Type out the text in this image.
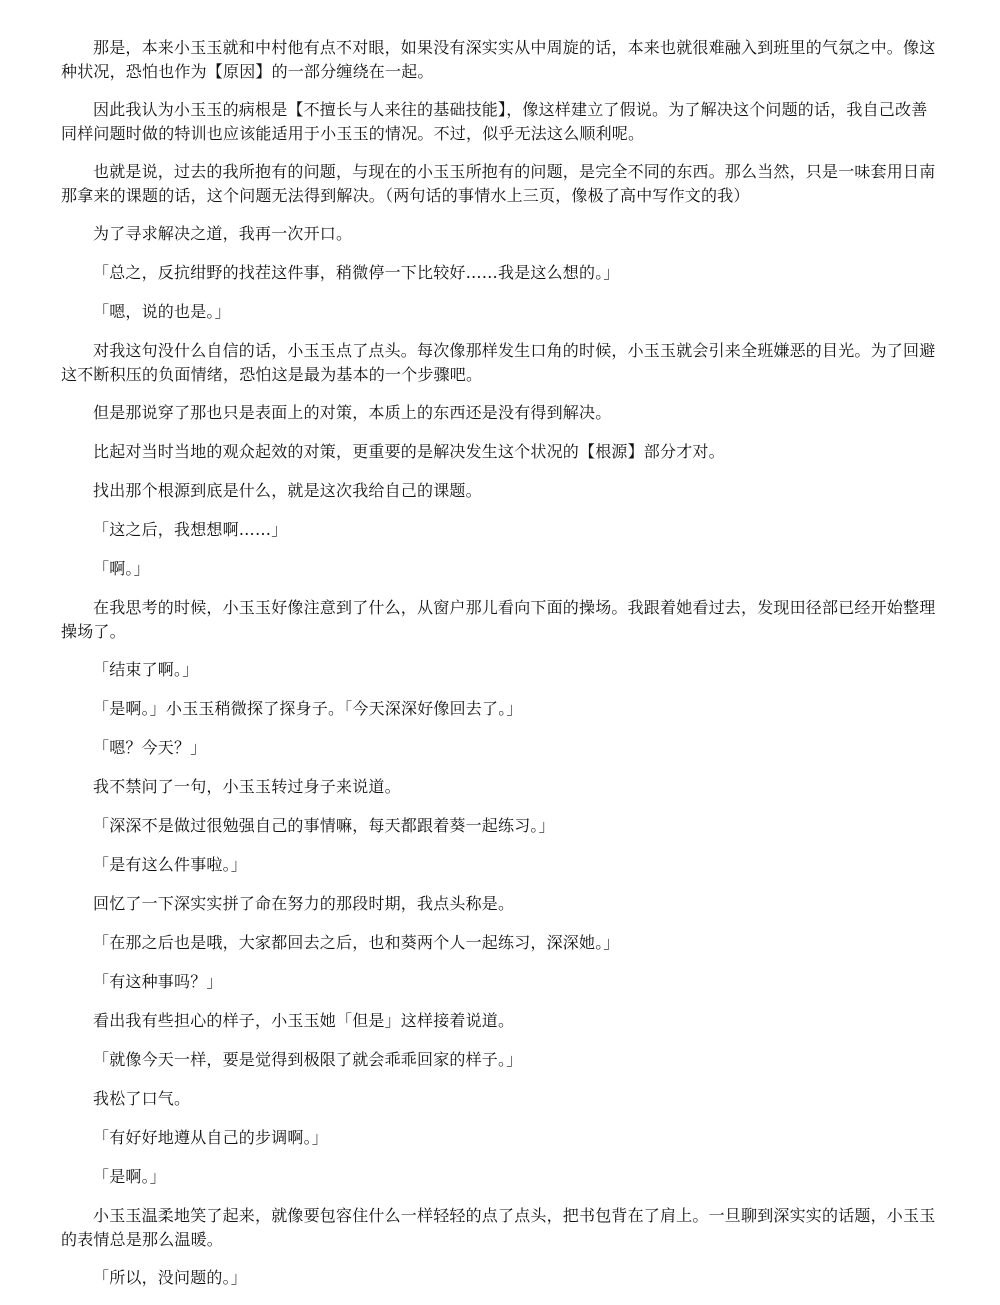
那是，本来小玉玉就和中村他有点不对眼，如果没有深实实从中周旋的话，本来也就很难融入到班里的气氛之中。像这种状况，恐怕也作为【原因】的一部分缠绕在一起。

因此我认为小玉玉的病根是【不擅长与人来往的基础技能】，像这样建立了假说。为了解决这个问题的话，我自己改善同样问题时做的特训也应该能适用于小玉玉的情况。不过，似乎无法这么顺利呢。

也就是说，过去的我所抱有的问题，与现在的小玉玉所抱有的问题，是完全不同的东西。那么当然，只是一味套用日南那拿来的课题的话，这个问题无法得到解决。（两句话的事情水上三页，像极了高中写作文的我）

为了寻求解决之道，我再一次开口。

「总之，反抗绀野的找茬这件事，稍微停一下比较好……我是这么想的。」

「嗯，说的也是。」

对我这句没什么自信的话，小玉玉点了点头。每次像那样发生口角的时候，小玉玉就会引来全班嫌恶的目光。为了回避这不断积压的负面情绪，恐怕这是最为基本的一个步骤吧。

但是那说穿了那也只是表面上的对策，本质上的东西还是没有得到解决。

比起对当时当地的观众起效的对策，更重要的是解决发生这个状况的【根源】部分才对。

找出那个根源到底是什么，就是这次我给自己的课题。

「这之后，我想想啊……」

「啊。」

在我思考的时候，小玉玉好像注意到了什么，从窗户那儿看向下面的操场。我跟着她看过去，发现田径部已经开始整理操场了。

「结束了啊。」

「是啊。」小玉玉稍微探了探身子。「今天深深好像回去了。」

「嗯？今天？」

我不禁问了一句，小玉玉转过身子来说道。

「深深不是做过很勉强自己的事情嘛，每天都跟着葵一起练习。」

「是有这么件事啦。」

回忆了一下深实实拼了命在努力的那段时期，我点头称是。

「在那之后也是哦，大家都回去之后，也和葵两个人一起练习，深深她。」

「有这种事吗？」

看出我有些担心的样子，小玉玉她「但是」这样接着说道。

「就像今天一样，要是觉得到极限了就会乖乖回家的样子。」

我松了口气。

「有好好地遵从自己的步调啊。」

「是啊。」

小玉玉温柔地笑了起来，就像要包容住什么一样轻轻的点了点头，把书包背在了肩上。一旦聊到深实实的话题，小玉玉的表情总是那么温暖。

「所以，没问题的。」
